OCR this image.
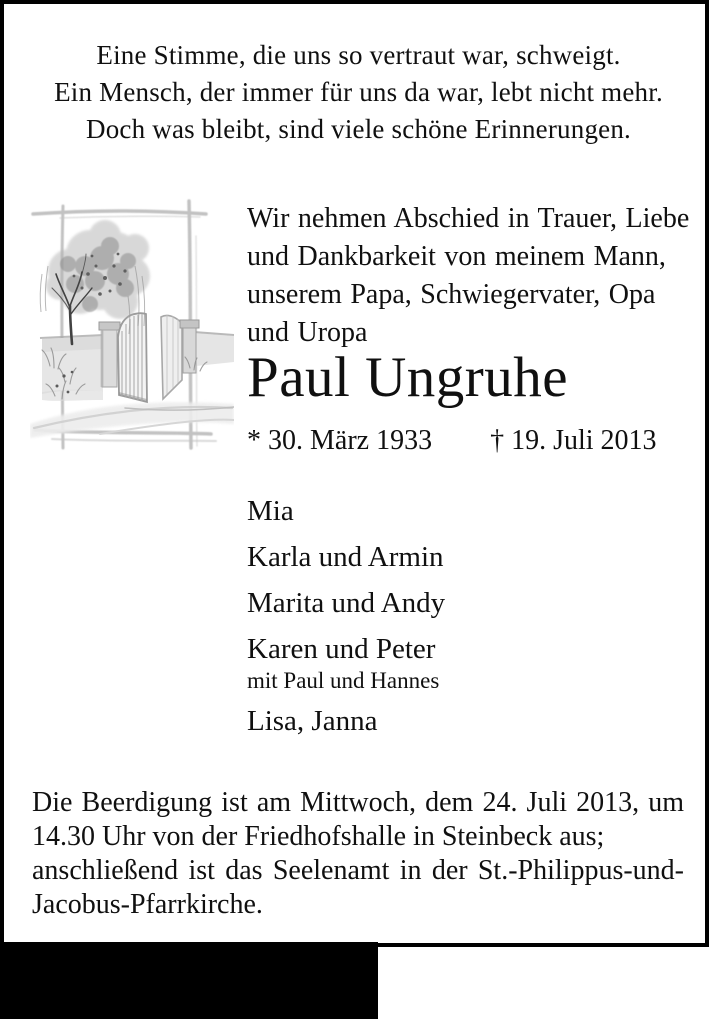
Eine Stimme, die uns so vertraut war, schweigt.
Ein Mensch, der immer für uns da war, lebt nicht mehr.
Doch was bleibt, sind viele schöne Erinnerungen.
Wir nehmen Abschied in Trauer, Liebe
und Dankbarkeit von meinem Mann,
unserem Papa, Schwiegervater, Opa
und Uropa
Paul Ungruhe
* 30. März 1933 † 19. Juli 2013
Mia
Karla und Armin
Marita und Andy
Karen und Peter
mit Paul und Hannes
Lisa, Janna
Die Beerdigung ist am Mittwoch, dem 24. Juli 2013, um
14.30 Uhr von der Friedhofshalle in Steinbeck aus;
anschließend ist das Seelenamt in der St.-Philippus-und-
Jacobus-Pfarrkirche.
